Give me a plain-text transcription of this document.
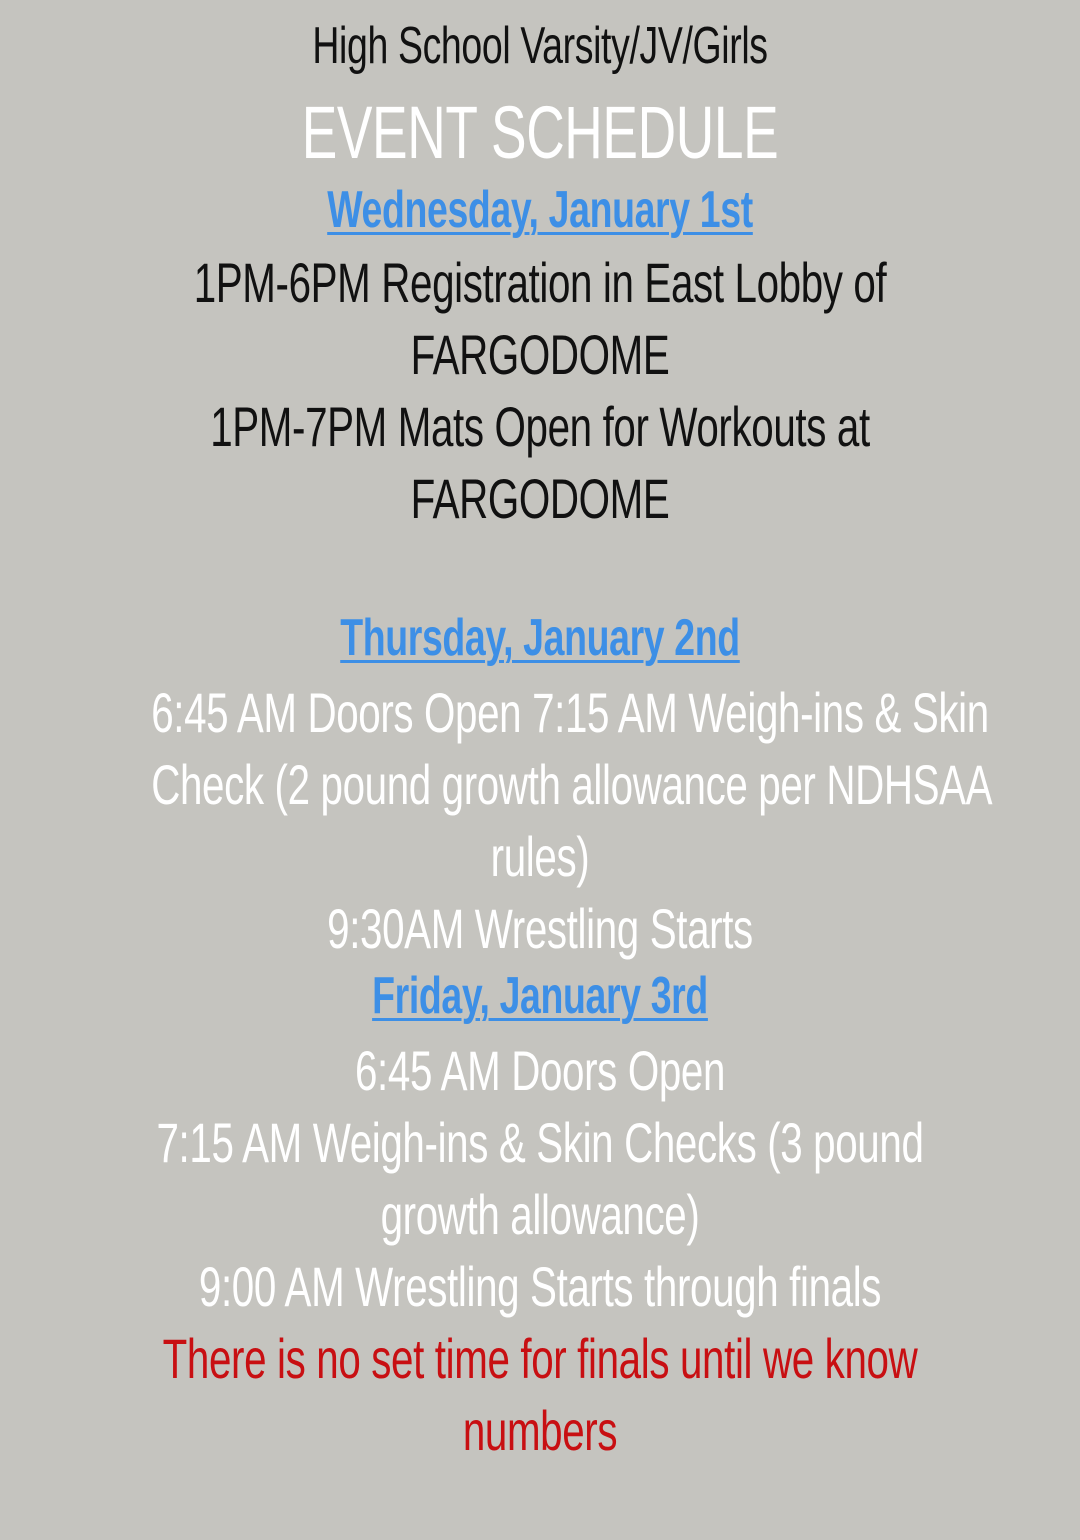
High School Varsity/JV/Girls
EVENT SCHEDULE
Wednesday, January 1st
1PM-6PM Registration in East Lobby of
FARGODOME
1PM-7PM Mats Open for Workouts at
FARGODOME
Thursday, January 2nd
6:45 AM Doors Open 7:15 AM Weigh-ins & Skin
Check (2 pound growth allowance per NDHSAA
rules)
9:30AM Wrestling Starts
Friday, January 3rd
6:45 AM Doors Open
7:15 AM Weigh-ins & Skin Checks (3 pound
growth allowance)
9:00 AM Wrestling Starts through finals
There is no set time for finals until we know
numbers
